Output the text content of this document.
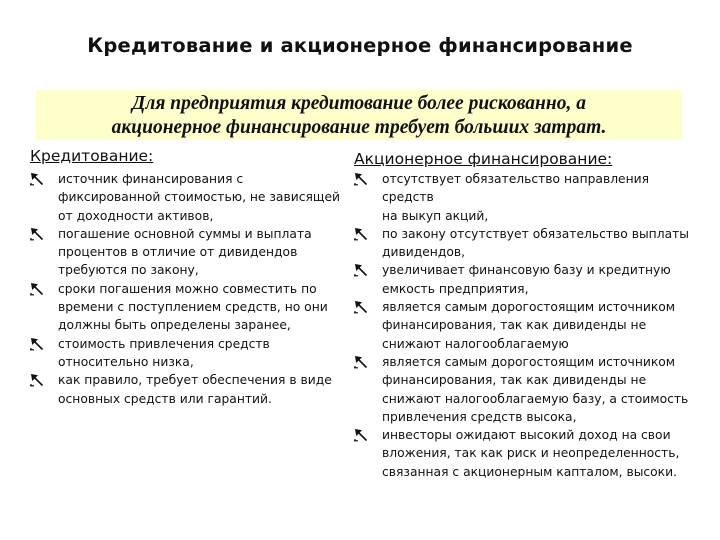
Кредитование и акционерное финансирование
Для предприятия кредитование более рискованно, а
акционерное финансирование требует больших затрат.
Кредитование:
источник финансирования с
фиксированной стоимостью, не зависящей
от доходности активов,
погашение основной суммы и выплата
процентов в отличие от дивидендов
требуются по закону,
сроки погашения можно совместить по
времени с поступлением средств, но они
должны быть определены заранее,
стоимость привлечения средств
относительно низка,
как правило, требует обеспечения в виде
основных средств или гарантий.
Акционерное финансирование:
отсутствует обязательство направления средств
на выкуп акций,
по закону отсутствует обязательство выплаты
дивидендов,
увеличивает финансовую базу и кредитную
емкость предприятия,
является самым дорогостоящим источником
финансирования, так как дивиденды не
снижают налогооблагаемую
является самым дорогостоящим источником
финансирования, так как дивиденды не
снижают налогооблагаемую базу, а стоимость
привлечения средств высока,
инвесторы ожидают высокий доход на свои
вложения, так как риск и неопределенность,
связанная с акционерным капталом, высоки.
